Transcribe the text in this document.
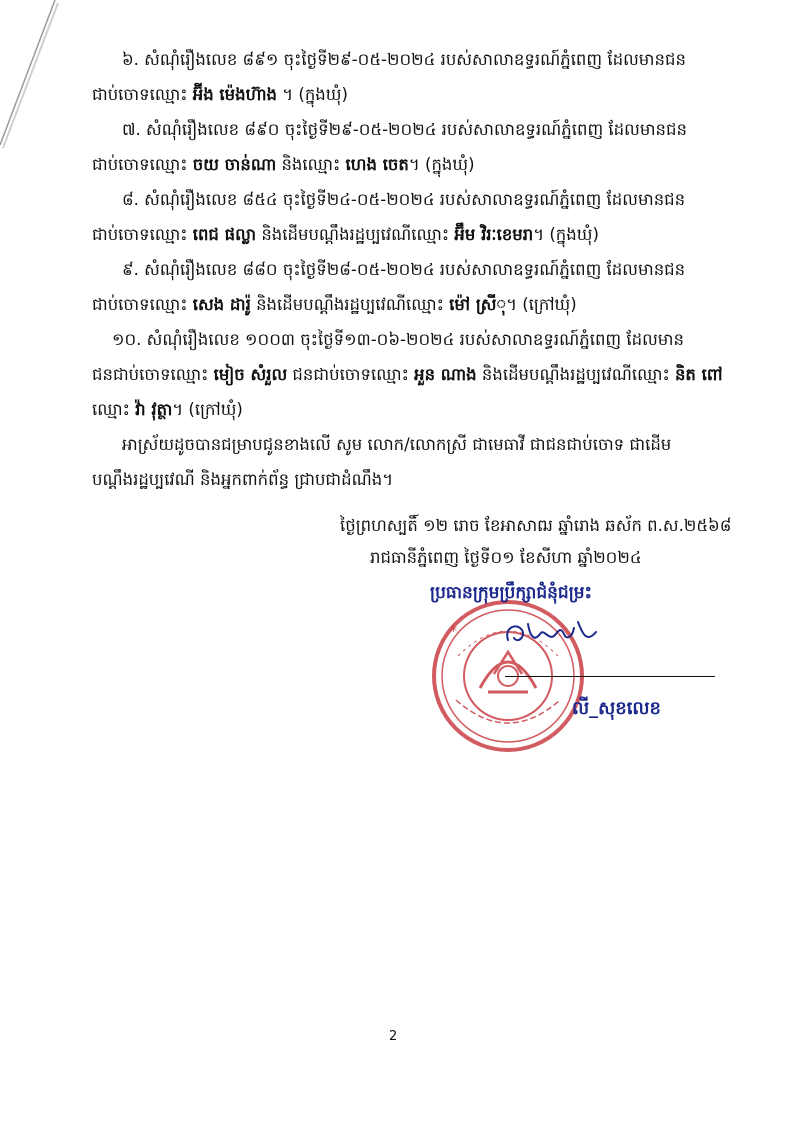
៦. សំណុំរឿងលេខ ៨៩១ ចុះថ្ងៃទី២៩-០៥-២០២៤ របស់សាលាឧទ្ធរណ៍ភ្នំពេញ ដែលមានជន
ជាប់ចោទឈ្មោះ អ៊ីង ម៉េងហ៊ាង ។ (ក្នុងឃុំ)
៧. សំណុំរឿងលេខ ៨៩០ ចុះថ្ងៃទី២៩-០៥-២០២៤ របស់សាលាឧទ្ធរណ៍ភ្នំពេញ ដែលមានជន
ជាប់ចោទឈ្មោះ ចយ ចាន់ណា និងឈ្មោះ ហេង ចេត។ (ក្នុងឃុំ)
៨. សំណុំរឿងលេខ ៨៥៤ ចុះថ្ងៃទី២៤-០៥-២០២៤ របស់សាលាឧទ្ធរណ៍ភ្នំពេញ ដែលមានជន
ជាប់ចោទឈ្មោះ ពេជ ផល្លា និងដើមបណ្តឹងរដ្ឋប្បវេណីឈ្មោះ អ៊ឹម វិរៈខេមរា។ (ក្នុងឃុំ)
៩. សំណុំរឿងលេខ ៨៨០ ចុះថ្ងៃទី២៨-០៥-២០២៤ របស់សាលាឧទ្ធរណ៍ភ្នំពេញ ដែលមានជន
ជាប់ចោទឈ្មោះ សេង ដារ៉ូ និងដើមបណ្តឹងរដ្ឋប្បវេណីឈ្មោះ ម៉ៅ ស្រីុ។ (ក្រៅឃុំ)
១០. សំណុំរឿងលេខ ១០០៣ ចុះថ្ងៃទី១៣-០៦-២០២៤ របស់សាលាឧទ្ធរណ៍ភ្នំពេញ ដែលមាន
ជនជាប់ចោទឈ្មោះ មៀច សំរួល ជនជាប់ចោទឈ្មោះ អួន ណាង និងដើមបណ្តឹងរដ្ឋប្បវេណីឈ្មោះ និត ពៅ
ឈ្មោះ វ៉ា វុត្ថា។ (ក្រៅឃុំ)
អាស្រ័យដូចបានជម្រាបជូនខាងលើ សូម លោក/លោកស្រី ជាមេធាវី ជាជនជាប់ចោទ ជាដើម
បណ្តឹងរដ្ឋប្បវេណី និងអ្នកពាក់ព័ន្ធ ជ្រាបជាដំណឹង។
ថ្ងៃព្រហស្បតិ៍ ១២ រោច ខែអាសាឍ ឆ្នាំរោង ឆស័ក ព.ស.២៥៦៨
រាជធានីភ្នំពេញ ថ្ងៃទី០១ ខែសីហា ឆ្នាំ២០២៤
*
ប្រធានក្រុមប្រឹក្សាជំនុំជម្រះ
លី_សុខលេខ
2
